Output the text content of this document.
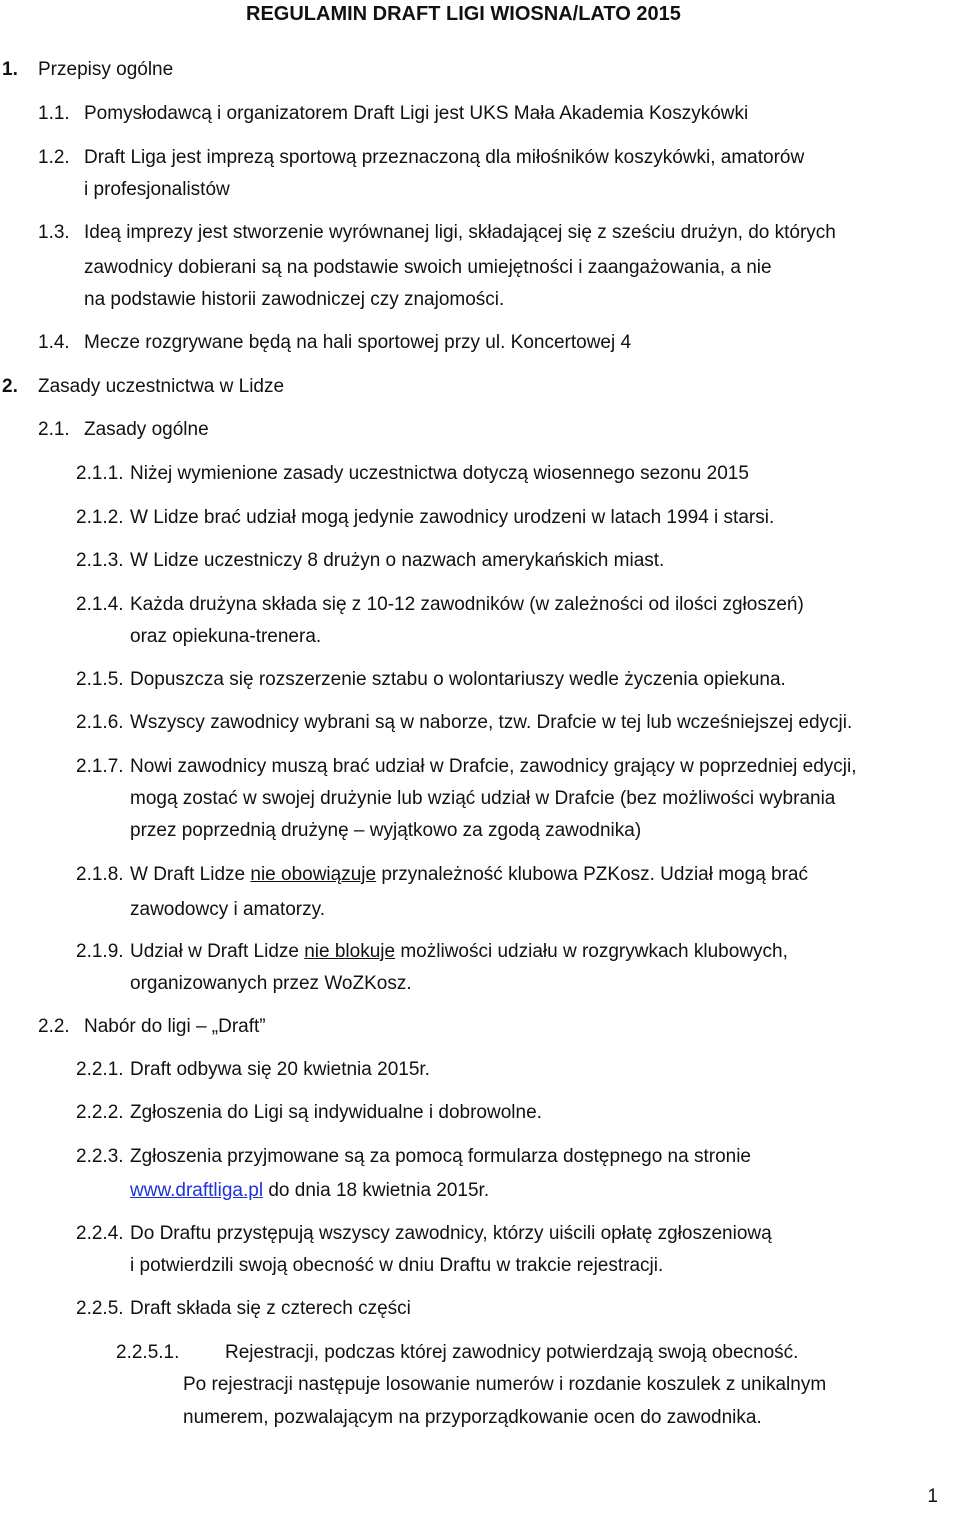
REGULAMIN DRAFT LIGI WIOSNA/LATO 2015
1. Przepisy ogólne
1.1. Pomysłodawcą i organizatorem Draft Ligi jest UKS Mała Akademia Koszykówki
1.2. Draft Liga jest imprezą sportową przeznaczoną dla miłośników koszykówki, amatorów
i profesjonalistów
1.3. Ideą imprezy jest stworzenie wyrównanej ligi, składającej się z sześciu drużyn, do których
zawodnicy dobierani są na podstawie swoich umiejętności i zaangażowania, a nie
na podstawie historii zawodniczej czy znajomości.
1.4. Mecze rozgrywane będą na hali sportowej przy ul. Koncertowej 4
2. Zasady uczestnictwa w Lidze
2.1. Zasady ogólne
2.1.1. Niżej wymienione zasady uczestnictwa dotyczą wiosennego sezonu 2015
2.1.2. W Lidze brać udział mogą jedynie zawodnicy urodzeni w latach 1994 i starsi.
2.1.3. W Lidze uczestniczy 8 drużyn o nazwach amerykańskich miast.
2.1.4. Każda drużyna składa się z 10-12 zawodników (w zależności od ilości zgłoszeń)
oraz opiekuna-trenera.
2.1.5. Dopuszcza się rozszerzenie sztabu o wolontariuszy wedle życzenia opiekuna.
2.1.6. Wszyscy zawodnicy wybrani są w naborze, tzw. Drafcie w tej lub wcześniejszej edycji.
2.1.7. Nowi zawodnicy muszą brać udział w Drafcie, zawodnicy grający w poprzedniej edycji,
mogą zostać w swojej drużynie lub wziąć udział w Drafcie (bez możliwości wybrania
przez poprzednią drużynę – wyjątkowo za zgodą zawodnika)
2.1.8. W Draft Lidze nie obowiązuje przynależność klubowa PZKosz. Udział mogą brać
zawodowcy i amatorzy.
2.1.9. Udział w Draft Lidze nie blokuje możliwości udziału w rozgrywkach klubowych,
organizowanych przez WoZKosz.
2.2. Nabór do ligi – „Draft”
2.2.1. Draft odbywa się 20 kwietnia 2015r.
2.2.2. Zgłoszenia do Ligi są indywidualne i dobrowolne.
2.2.3. Zgłoszenia przyjmowane są za pomocą formularza dostępnego na stronie
www.draftliga.pl do dnia 18 kwietnia 2015r.
2.2.4. Do Draftu przystępują wszyscy zawodnicy, którzy uiścili opłatę zgłoszeniową
i potwierdzili swoją obecność w dniu Draftu w trakcie rejestracji.
2.2.5. Draft składa się z czterech części
2.2.5.1. Rejestracji, podczas której zawodnicy potwierdzają swoją obecność.
Po rejestracji następuje losowanie numerów i rozdanie koszulek z unikalnym
numerem, pozwalającym na przyporządkowanie ocen do zawodnika.
1
